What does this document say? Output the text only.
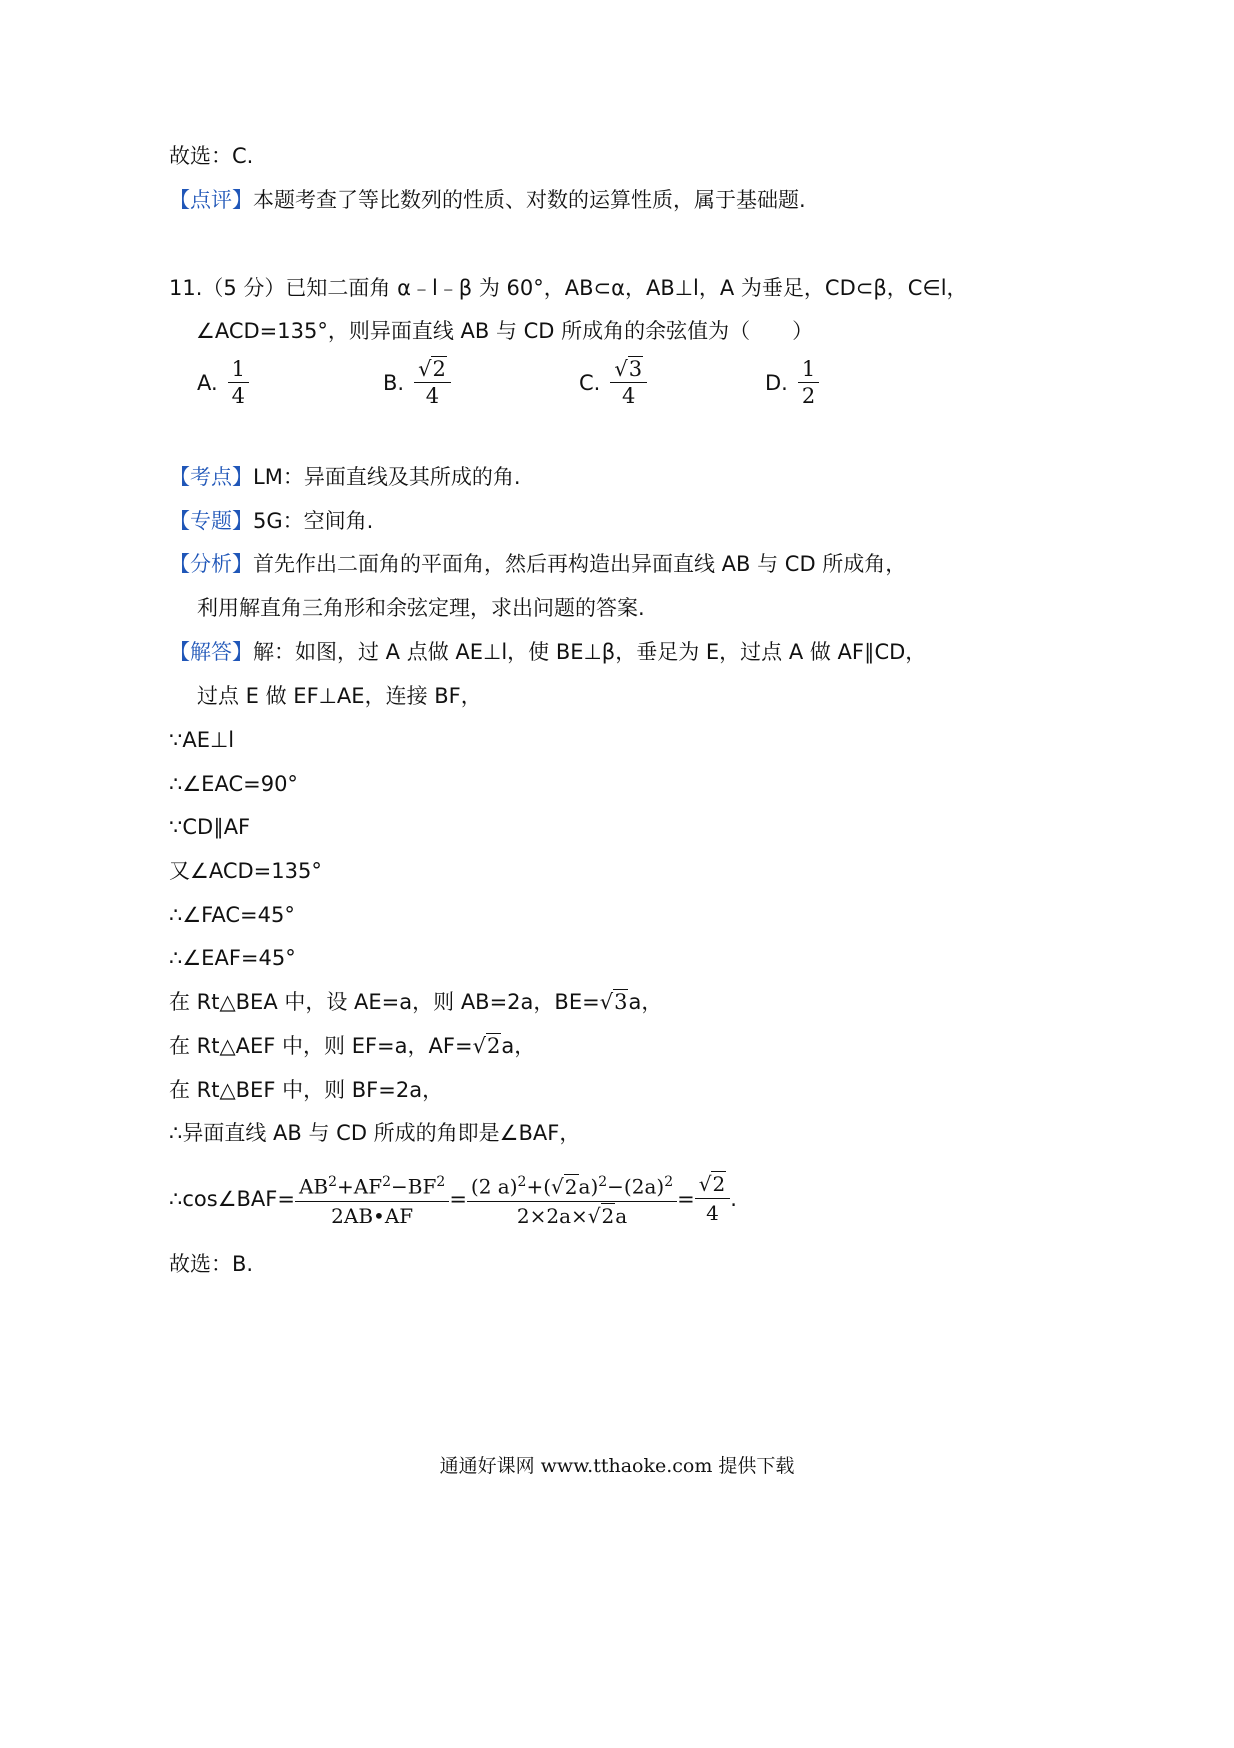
故选：C.
【点评】本题考查了等比数列的性质、对数的运算性质，属于基础题.
11.（5 分）已知二面角 α﹣l﹣β 为 60°，AB⊂α，AB⊥l，A 为垂足，CD⊂β，C∈l，
∠ACD=135°，则异面直线 AB 与 CD 所成角的余弦值为（　　）
A. $\frac{1}{4}$	B. $\frac{√2}{4}$	C. $\frac{√3}{4}$	D. $\frac{1}{2}$
【考点】LM：异面直线及其所成的角.
【专题】5G：空间角.
【分析】首先作出二面角的平面角，然后再构造出异面直线 AB 与 CD 所成角，
利用解直角三角形和余弦定理，求出问题的答案.
【解答】解：如图，过 A 点做 AE⊥l，使 BE⊥β，垂足为 E，过点 A 做 AF∥CD，
过点 E 做 EF⊥AE，连接 BF，
∵AE⊥l
∴∠EAC=90°
∵CD∥AF
又∠ACD=135°
∴∠FAC=45°
∴∠EAF=45°
在 Rt△BEA 中，设 AE=a，则 AB=2a，BE=√3a，
在 Rt△AEF 中，则 EF=a，AF=√2a，
在 Rt△BEF 中，则 BF=2a，
∴异面直线 AB 与 CD 所成的角即是∠BAF，
∴cos∠BAF= $\frac{AB^2+AF^2-BF^2}{2AB•AF} = \frac{(2 a)^2+(√2a)^2-(2a)^2}{2\times 2a\times√2a} = \frac{√2}{4}$ .
故选：B.
通通好课网 www.tthaoke.com 提供下载
